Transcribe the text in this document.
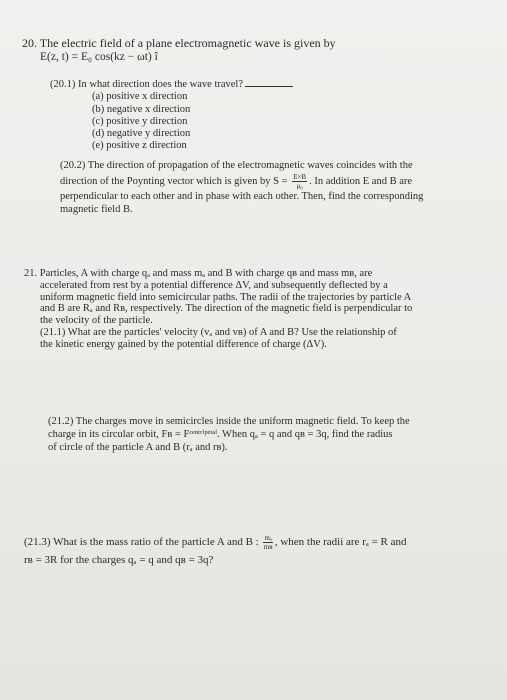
20. The electric field of a plane electromagnetic wave is given by
E(z, t) = E₀ cos(kz − ωt) î
(20.1) In what direction does the wave travel?
(a) positive x direction
(b) negative x direction
(c) positive y direction
(d) negative y direction
(e) positive z direction
(20.2) The direction of propagation of the electromagnetic waves coincides with the
direction of the Poynting vector which is given by $S = \frac{E\times B}{\text{μ₀}}$ . In addition E and B are
perpendicular to each other and in phase with each other. Then, find the corresponding
magnetic field B.
21. Particles, A with charge qₐ and mass mₐ and B with charge qʙ and mass mʙ, are
accelerated from rest by a potential difference ΔV, and subsequently deflected by a
uniform magnetic field into semicircular paths. The radii of the trajectories by particle A
and B are Rₐ and Rʙ, respectively. The direction of the magnetic field is perpendicular to
the velocity of the particle.
(21.1) What are the particles' velocity (vₐ and vʙ) of A and B? Use the relationship of
the kinetic energy gained by the potential difference of charge (ΔV).
(21.2) The charges move in semicircles inside the uniform magnetic field. To keep the
charge in its circular orbit, Fʙ = Fᶜᵉⁿᵗʳⁱᵖᵉᵗᵃˡ. When qₐ = q and qʙ = 3q, find the radius
of circle of the particle A and B (rₐ and rʙ).
(21.3) What is the mass ratio of the particle A and B : $\frac{\text{mₐ}}{\text{mʙ}}$ , when the radii are rₐ = R and
rʙ = 3R for the charges qₐ = q and qʙ = 3q?
